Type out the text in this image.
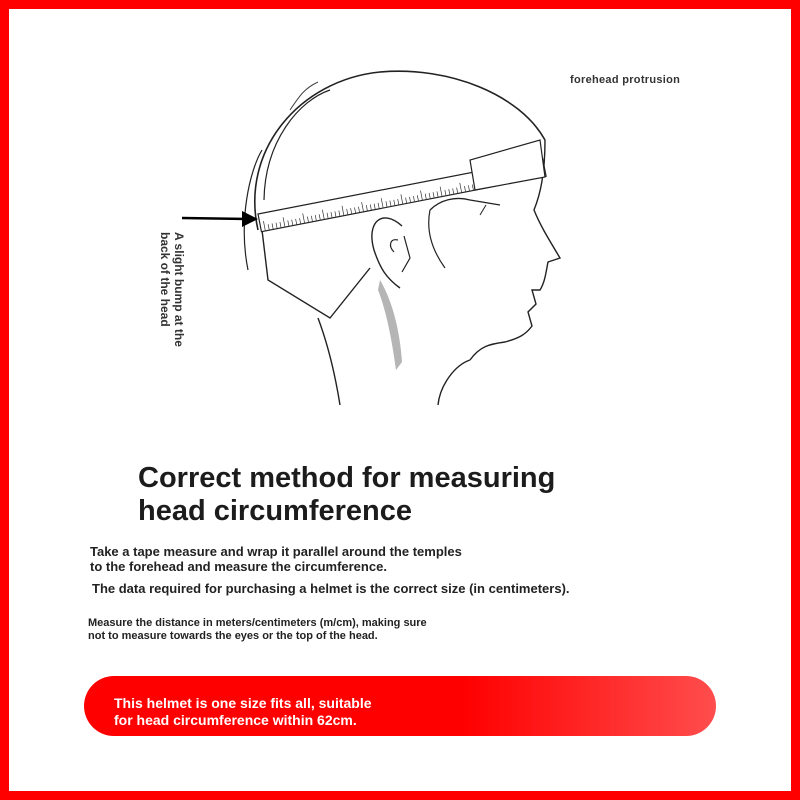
forehead protrusion
A slight bump at the
back of the head
Correct method for measuring
head circumference
Take a tape measure and wrap it parallel around the temples
to the forehead and measure the circumference.
The data required for purchasing a helmet is the correct size (in centimeters).
Measure the distance in meters/centimeters (m/cm), making sure
not to measure towards the eyes or the top of the head.
This helmet is one size fits all, suitable
for head circumference within 62cm.
